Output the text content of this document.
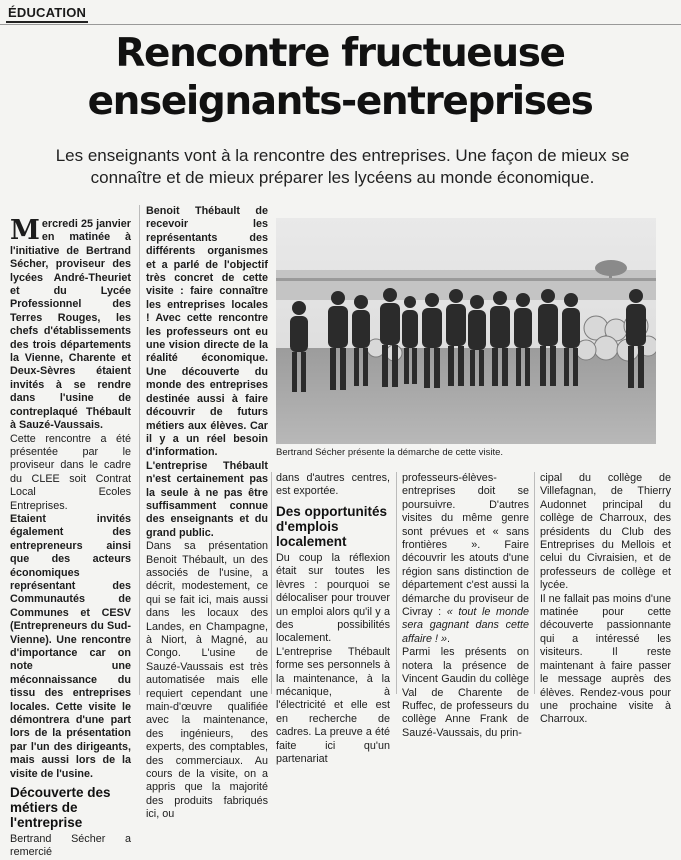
ÉDUCATION
Rencontre fructueuse
enseignants-entreprises

Les enseignants vont à la rencontre des entreprises. Une façon de mieux se connaître et de mieux préparer les lycéens au monde économique.

Mercredi 25 janvier en matinée à l'initiative de Bertrand Sécher, proviseur des lycées André-Theuriet et du Lycée Professionnel des Terres Rouges, les chefs d'établissements des trois départements la Vienne, Charente et Deux-Sèvres étaient invités à se rendre dans l'usine de contreplaqué Thébault à Sauzé-Vaussais.

Cette rencontre a été présentée par le proviseur dans le cadre du CLEE soit Contrat Local Ecoles Entreprises.

Etaient invités également des entrepreneurs ainsi que des acteurs économiques représentant des Communautés de Communes et CESV (Entrepreneurs du Sud-Vienne). Une rencontre d'importance car on note une méconnaissance du tissu des entreprises locales. Cette visite le démontrera d'une part lors de la présentation par l'un des dirigeants, mais aussi lors de la visite de l'usine.

Découverte des métiers de l'entreprise

Bertrand Sécher a remercié

Benoit Thébault de recevoir les représentants des différents organismes et a parlé de l'objectif très concret de cette visite : faire connaître les entreprises locales ! Avec cette rencontre les professeurs ont eu une vision directe de la réalité économique. Une découverte du monde des entreprises destinée aussi à faire découvrir de futurs métiers aux élèves. Car il y a un réel besoin d'information. L'entreprise Thébault n'est certainement pas la seule à ne pas être suffisamment connue des enseignants et du grand public.

Dans sa présentation Benoit Thébault, un des associés de l'usine, a décrit, modestement, ce qui se fait ici, mais aussi dans les locaux des Landes, en Champagne, à Niort, à Magné, au Congo. L'usine de Sauzé-Vaussais est très automatisée mais elle requiert cependant une main-d'œuvre qualifiée avec la maintenance, des ingénieurs, des experts, des comptables, des commerciaux. Au cours de la visite, on a appris que la majorité des produits fabriqués ici, ou

Bertrand Sécher présente la démarche de cette visite.

dans d'autres centres, est exportée.

Des opportunités d'emplois localement

Du coup la réflexion était sur toutes les lèvres : pourquoi se délocaliser pour trouver un emploi alors qu'il y a des possibilités localement. L'entreprise Thébault forme ses personnels à la maintenance, à la mécanique, à l'électricité et elle est en recherche de cadres. La preuve a été faite ici qu'un partenariat

professeurs-élèves-entreprises doit se poursuivre. D'autres visites du même genre sont prévues et « sans frontières ». Faire découvrir les atouts d'une région sans distinction de département c'est aussi la démarche du proviseur de Civray : « tout le monde sera gagnant dans cette affaire ! ».

Parmi les présents on notera la présence de Vincent Gaudin du collège Val de Charente de Ruffec, de professeurs du collège Anne Frank de Sauzé-Vaussais, du prin-

cipal du collège de Villefagnan, de Thierry Audonnet principal du collège de Charroux, des présidents du Club des Entreprises du Mellois et celui du Civraisien, et de professeurs de collège et lycée.

Il ne fallait pas moins d'une matinée pour cette découverte passionnante qui a intéressé les visiteurs. Il reste maintenant à faire passer le message auprès des élèves. Rendez-vous pour une prochaine visite à Charroux.
